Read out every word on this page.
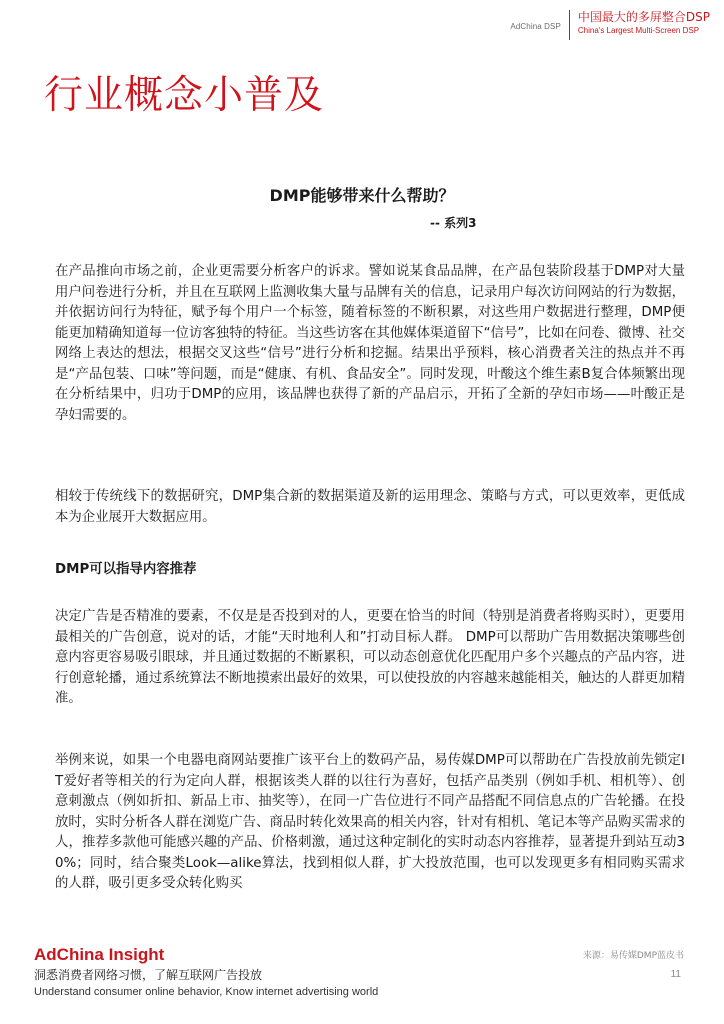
AdChina DSP
中国最大的多屏整合DSP
China's Largest Multi-Screen DSP
行业概念小普及
DMP能够带来什么帮助？
-- 系列3
在产品推向市场之前，企业更需要分析客户的诉求。譬如说某食品品牌，在产品包装阶段基于DMP对大量用户问卷进行分析，并且在互联网上监测收集大量与品牌有关的信息，记录用户每次访问网站的行为数据，并依据访问行为特征，赋予每个用户一个标签，随着标签的不断积累，对这些用户数据进行整理，DMP便能更加精确知道每一位访客独特的特征。当这些访客在其他媒体渠道留下“信号”，比如在问卷、微博、社交网络上表达的想法，根据交叉这些“信号”进行分析和挖掘。结果出乎预料，核心消费者关注的热点并不再是“产品包装、口味”等问题，而是“健康、有机、食品安全”。同时发现，叶酸这个维生素B复合体频繁出现在分析结果中，归功于DMP的应用，该品牌也获得了新的产品启示，开拓了全新的孕妇市场——叶酸正是孕妇需要的。
相较于传统线下的数据研究，DMP集合新的数据渠道及新的运用理念、策略与方式，可以更效率，更低成本为企业展开大数据应用。
DMP可以指导内容推荐
决定广告是否精准的要素，不仅是是否投到对的人，更要在恰当的时间（特别是消费者将购买时），更要用最相关的广告创意，说对的话，才能“天时地利人和”打动目标人群。 DMP可以帮助广告用数据决策哪些创意内容更容易吸引眼球，并且通过数据的不断累积，可以动态创意优化匹配用户多个兴趣点的产品内容，进行创意轮播，通过系统算法不断地摸索出最好的效果，可以使投放的内容越来越能相关，触达的人群更加精准。
举例来说，如果一个电器电商网站要推广该平台上的数码产品，易传媒DMP可以帮助在广告投放前先锁定IT爱好者等相关的行为定向人群，根据该类人群的以往行为喜好，包括产品类别（例如手机、相机等）、创意刺激点（例如折扣、新品上市、抽奖等），在同一广告位进行不同产品搭配不同信息点的广告轮播。在投放时，实时分析各人群在浏览广告、商品时转化效果高的相关内容，针对有相机、笔记本等产品购买需求的人，推荐多款他可能感兴趣的产品、价格刺激，通过这种定制化的实时动态内容推荐，显著提升到站互动30%；同时，结合聚类Look—alike算法，找到相似人群，扩大投放范围，也可以发现更多有相同购买需求的人群，吸引更多受众转化购买
AdChina Insight
洞悉消费者网络习惯，了解互联网广告投放
Understand consumer online behavior, Know internet advertising world
来源：易传媒DMP蓝皮书
11
